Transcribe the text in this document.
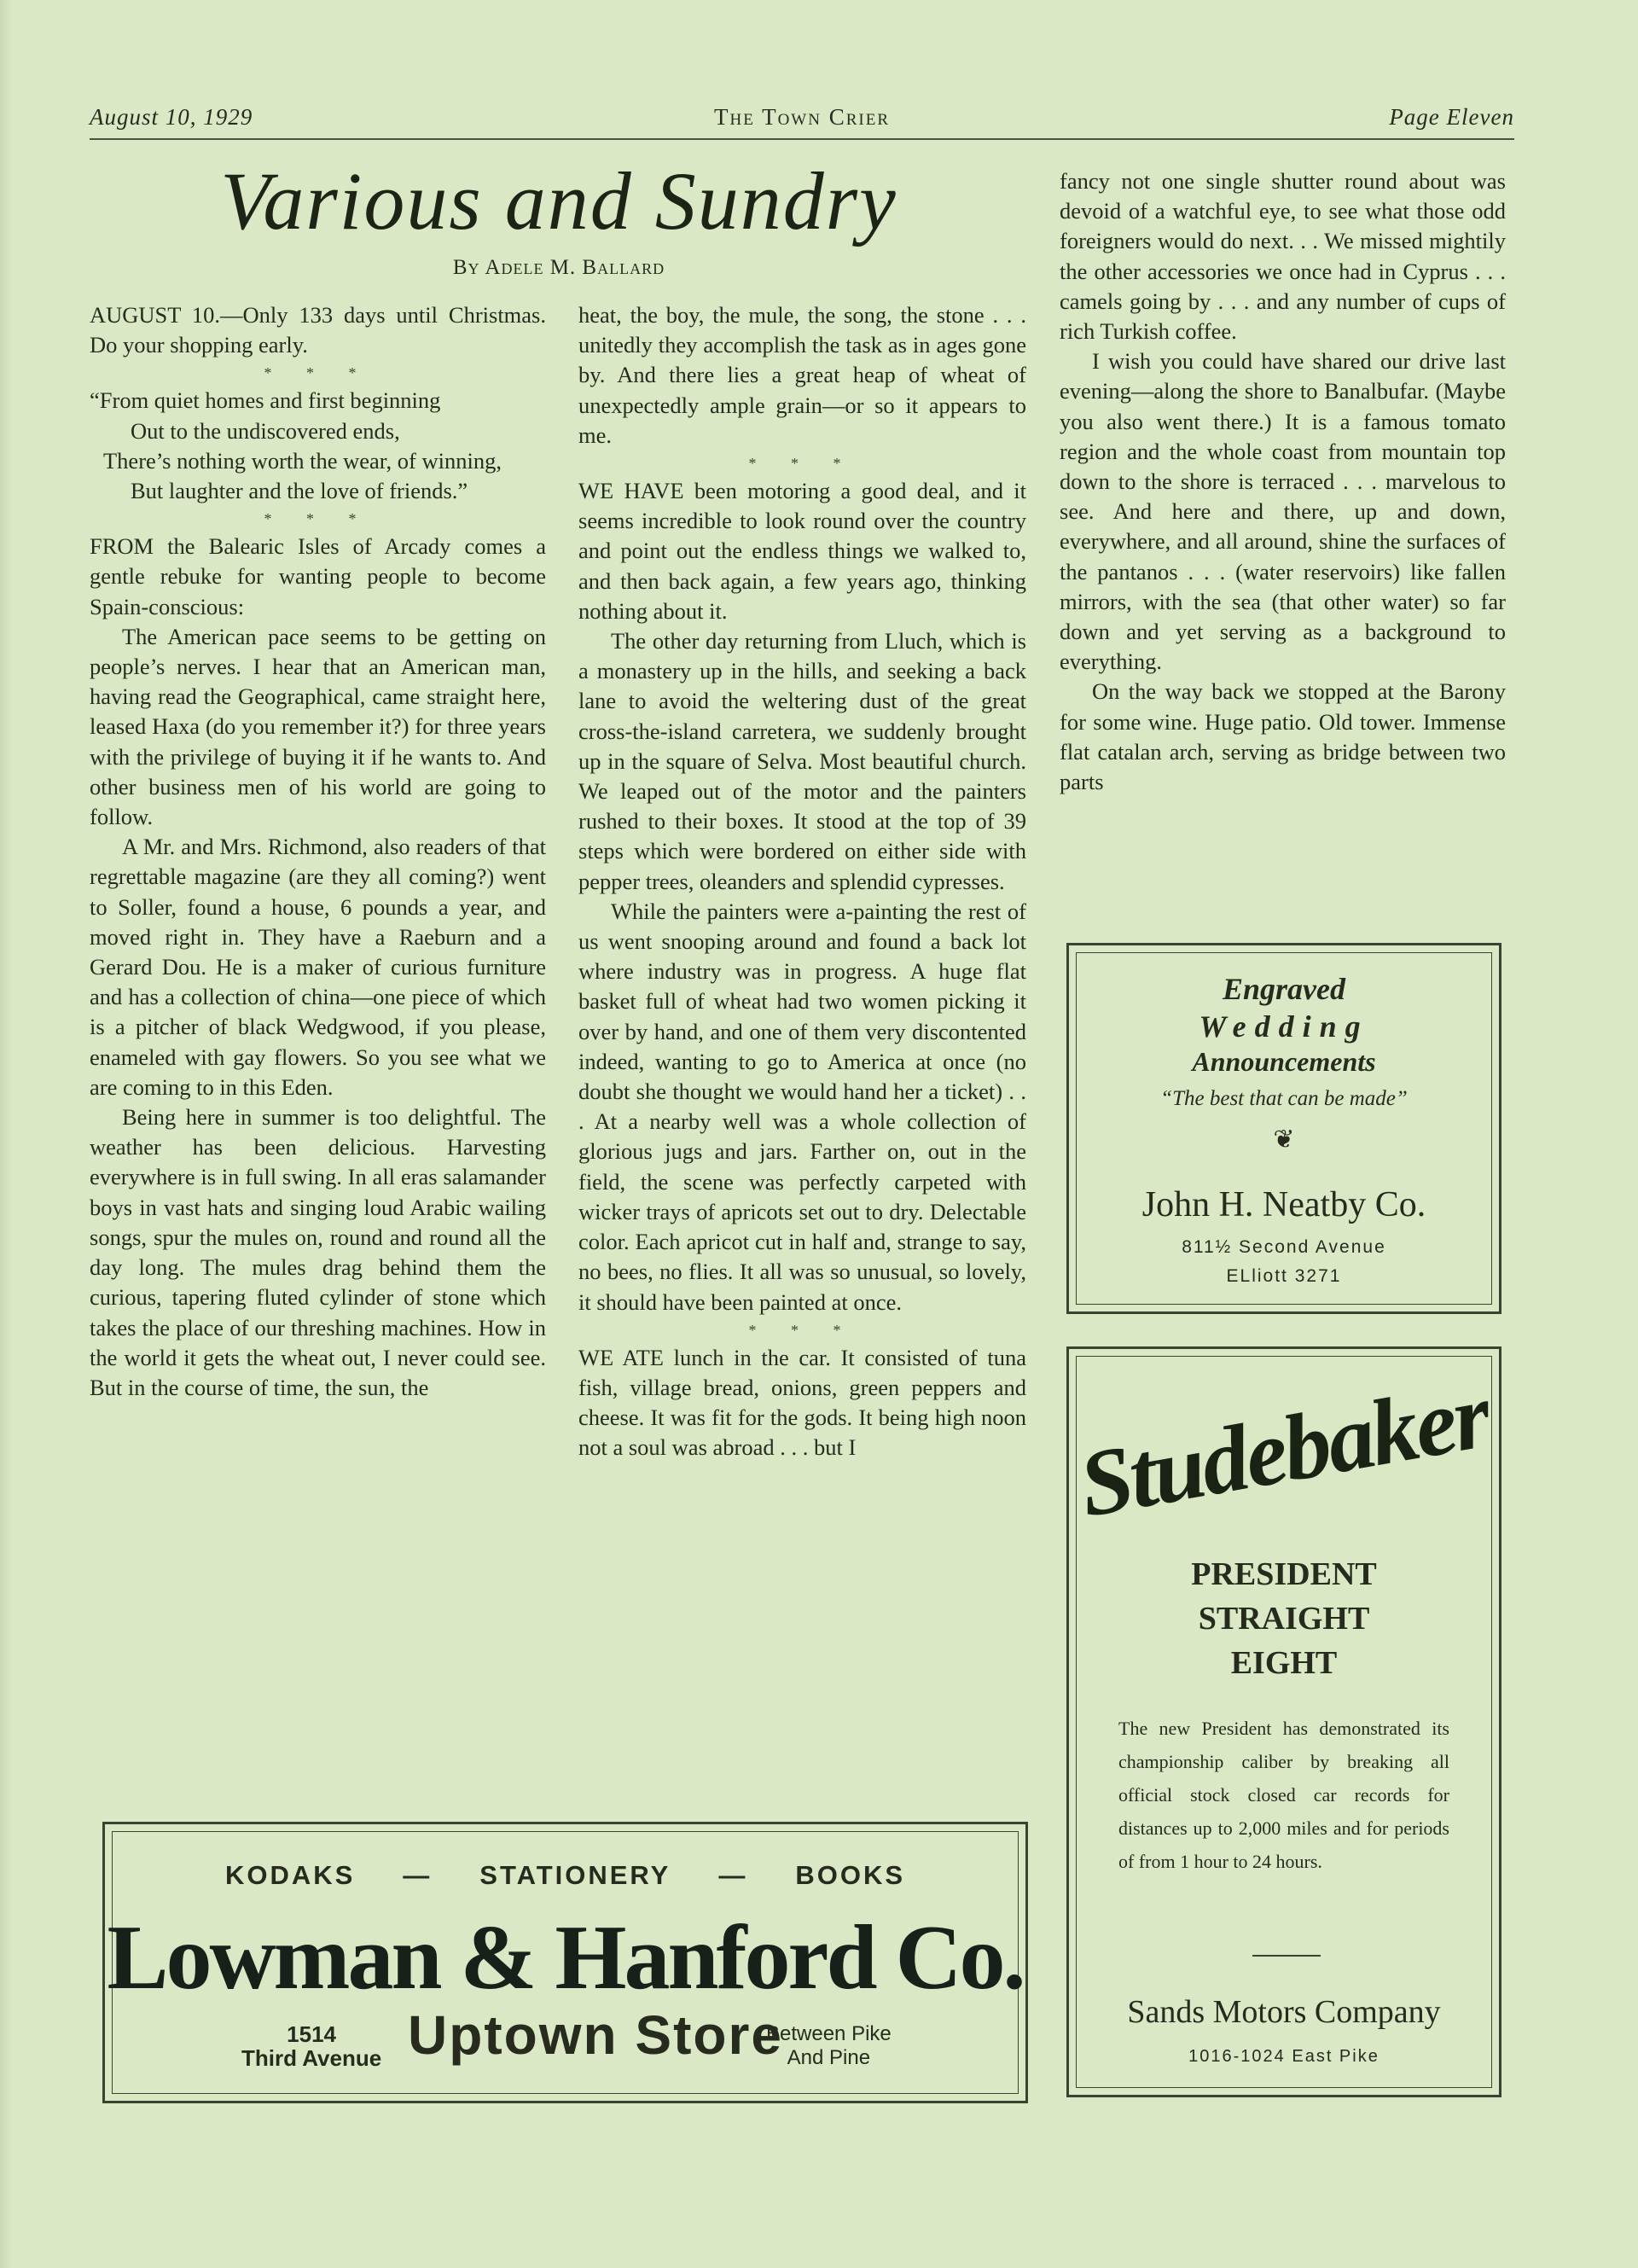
August 10, 1929	The Town Crier	Page Eleven
Various and Sundry
By Adele M. Ballard

AUGUST 10.—Only 133 days until Christmas. Do your shopping early.

* * *

“From quiet homes and first beginning
Out to the undiscovered ends,
There’s nothing worth the wear, of winning,
But laughter and the love of friends.”

* * *

FROM the Balearic Isles of Arcady comes a gentle rebuke for wanting people to become Spain-conscious:

The American pace seems to be getting on people’s nerves. I hear that an American man, having read the Geographical, came straight here, leased Haxa (do you remember it?) for three years with the privilege of buying it if he wants to. And other business men of his world are going to follow.

A Mr. and Mrs. Richmond, also readers of that regrettable magazine (are they all coming?) went to Soller, found a house, 6 pounds a year, and moved right in. They have a Raeburn and a Gerard Dou. He is a maker of curious furniture and has a collection of china—one piece of which is a pitcher of black Wedgwood, if you please, enameled with gay flowers. So you see what we are coming to in this Eden.

Being here in summer is too delightful. The weather has been delicious. Harvesting everywhere is in full swing. In all eras salamander boys in vast hats and singing loud Arabic wailing songs, spur the mules on, round and round all the day long. The mules drag behind them the curious, tapering fluted cylinder of stone which takes the place of our threshing machines. How in the world it gets the wheat out, I never could see. But in the course of time, the sun, the

heat, the boy, the mule, the song, the stone . . . unitedly they accomplish the task as in ages gone by. And there lies a great heap of wheat of unexpectedly ample grain—or so it appears to me.

* * *

WE HAVE been motoring a good deal, and it seems incredible to look round over the country and point out the endless things we walked to, and then back again, a few years ago, thinking nothing about it.

The other day returning from Lluch, which is a monastery up in the hills, and seeking a back lane to avoid the weltering dust of the great cross-the-island carretera, we suddenly brought up in the square of Selva. Most beautiful church. We leaped out of the motor and the painters rushed to their boxes. It stood at the top of 39 steps which were bordered on either side with pepper trees, oleanders and splendid cypresses.

While the painters were a-painting the rest of us went snooping around and found a back lot where industry was in progress. A huge flat basket full of wheat had two women picking it over by hand, and one of them very discontented indeed, wanting to go to America at once (no doubt she thought we would hand her a ticket) . . . At a nearby well was a whole collection of glorious jugs and jars. Farther on, out in the field, the scene was perfectly carpeted with wicker trays of apricots set out to dry. Delectable color. Each apricot cut in half and, strange to say, no bees, no flies. It all was so unusual, so lovely, it should have been painted at once.

* * *

WE ATE lunch in the car. It consisted of tuna fish, village bread, onions, green peppers and cheese. It was fit for the gods. It being high noon not a soul was abroad . . . but I

fancy not one single shutter round about was devoid of a watchful eye, to see what those odd foreigners would do next. . . We missed mightily the other accessories we once had in Cyprus . . . camels going by . . . and any number of cups of rich Turkish coffee.

I wish you could have shared our drive last evening—along the shore to Banalbufar. (Maybe you also went there.) It is a famous tomato region and the whole coast from mountain top down to the shore is terraced . . . marvelous to see. And here and there, up and down, everywhere, and all around, shine the surfaces of the pantanos . . . (water reservoirs) like fallen mirrors, with the sea (that other water) so far down and yet serving as a background to everything.

On the way back we stopped at the Barony for some wine. Huge patio. Old tower. Immense flat catalan arch, serving as bridge between two parts

Engraved
Wedding
Announcements
“The best that can be made”
❦
John H. Neatby Co.
811½ Second Avenue
ELliott 3271
Studebaker
PRESIDENT
STRAIGHT
EIGHT
The new President has demonstrated its championship caliber by breaking all official stock closed car records for distances up to 2,000 miles and for periods of from 1 hour to 24 hours.
Sands Motors Company
1016-1024 East Pike
KODAKS — STATIONERY — BOOKS
Lowman & Hanford Co.
1514
Third Avenue Uptown Store
Between Pike
And Pine
